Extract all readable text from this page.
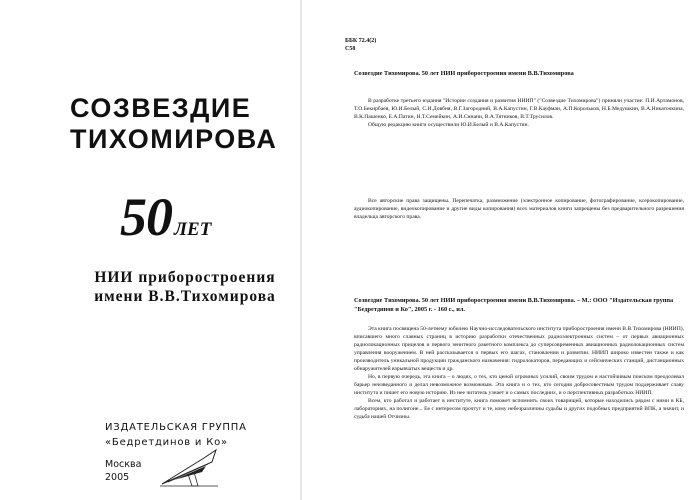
СОЗВЕЗДИЕ
ТИХОМИРОВА
50 ЛЕТ
НИИ приборостроения
имени В.В.Тихомирова
ИЗДАТЕЛЬСКАЯ ГРУППА
«Бедретдинов и Ко»
Москва
2005
ББК 72.4(2)
С58
Созвездие Тихомирова. 50 лет НИИ приборостроения имени В.В.Тихомирова

В разработке третьего издания "Истории создания и развития НИИП" ("Созвездие Тихомирова") приняли участие: П.И.Артамонов, Т.О.Бекирбаев, Ю.И.Белый, С.И.Довбня, В.Г.Загородний, В.А.Капустин, Г.В.Кауфман, А.П.Корольков, Н.Б.Медушкин, В.А.Никаточкина, В.К.Пашенко, Е.А.Патин, Н.Т.Семейкин, А.И.Синани, В.А.Тятников, В.Т.Трусилов.

Общую редакцию книги осуществили Ю.И.Белый и В.А.Капустин.

Все авторские права защищены. Перепечатка, размножение (электронное копирование, фотографирование, ксерокопирование, аудиокопирование, видеокопирование и другие виды копирования) всех материалов книги запрещены без предварительного разрешения владельца авторского права.

Созвездие Тихомирова. 50 лет НИИ приборостроения имени В.В.Тихомирова. – М.: ООО "Издательская группа "Бедретдинов и Ко", 2005 г. - 160 с., ил.

Эта книга посвящена 50-летнему юбилею Научно-исследовательского института приборостроения имени В.В.Тихомирова (НИИП), вписавшего много славных страниц в историю разработки отечественных радиоэлектронных систем – от первых авиационных радиолокационных прицелов и первого зенитного ракетного комплекса до суперсовременных авиационных радиолокационных систем управления вооружением. В ней рассказывается о первых его шагах, становлении и развитии. НИИП широко известен также и как производитель уникальной продукции гражданского назначения: гидролокаторов, передающих и сейсмических станций, дистанционных обнаружителей взрывчатых веществ и др.

Но, в первую очередь, эта книга – о людях, о тех, кто ценой огромных усилий, своим трудом и настойчивым поиском преодолевал барьер неизведанного и делал невозможное возможным. Эта книга и о тех, кто сегодня добросовестным трудом поддерживает славу института и пишет его новую историю. Из нее читатель узнает и о самых последних, и о перспективных разработках НИИП.

Всем, кто работал и работает в институте, книга поможет вспомнить своих товарищей, которые находились рядом с ними в КБ, лабораториях, на полигоне... Ее с интересом прочтут и те, кому небезразличны судьбы и других подобных предприятий ВПК, а значит, и судьба нашей Отчизны.
